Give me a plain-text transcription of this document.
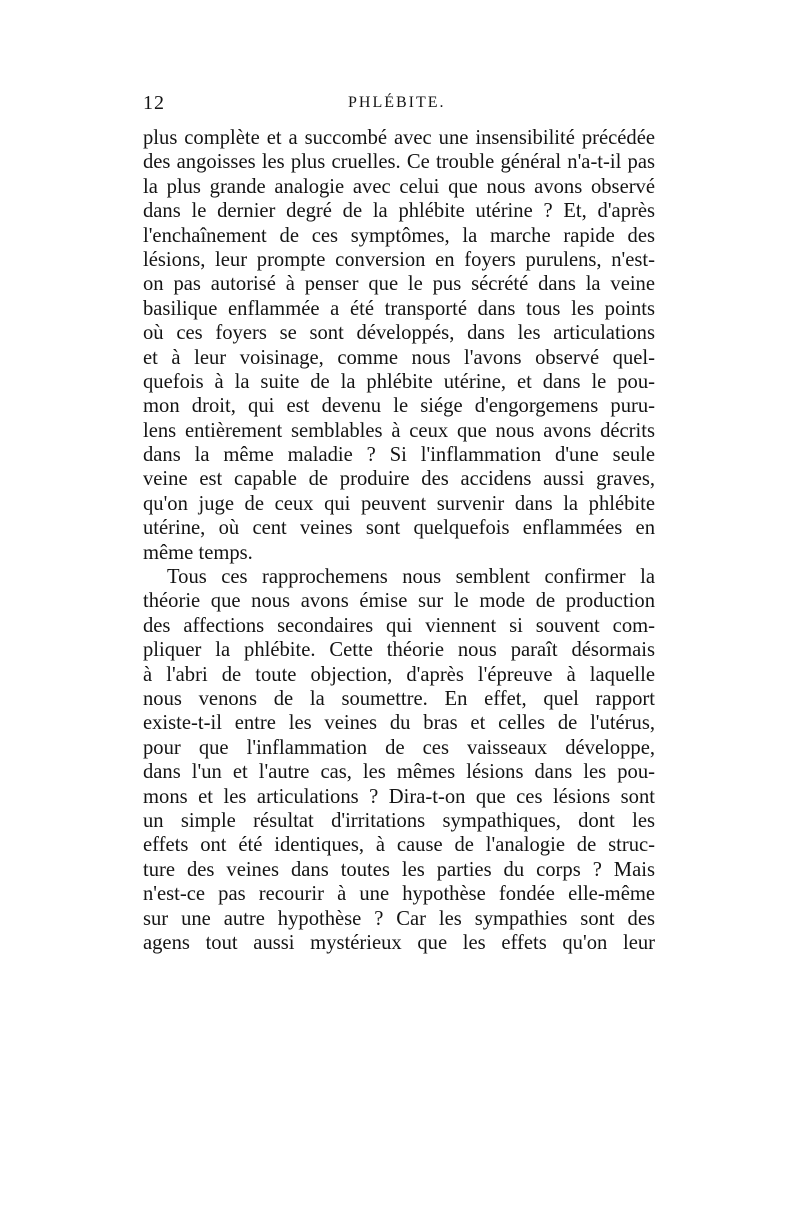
12	PHLÉBITE.
plus complète et a succombé avec une insensibilité précédée
des angoisses les plus cruelles. Ce trouble général n'a-t-il pas
la plus grande analogie avec celui que nous avons observé
dans le dernier degré de la phlébite utérine ? Et, d'après
l'enchaînement de ces symptômes, la marche rapide des
lésions, leur prompte conversion en foyers purulens, n'est-
on pas autorisé à penser que le pus sécrété dans la veine
basilique enflammée a été transporté dans tous les points
où ces foyers se sont développés, dans les articulations
et à leur voisinage, comme nous l'avons observé quel-
quefois à la suite de la phlébite utérine, et dans le pou-
mon droit, qui est devenu le siége d'engorgemens puru-
lens entièrement semblables à ceux que nous avons décrits
dans la même maladie ? Si l'inflammation d'une seule
veine est capable de produire des accidens aussi graves,
qu'on juge de ceux qui peuvent survenir dans la phlébite
utérine, où cent veines sont quelquefois enflammées en
même temps.
Tous ces rapprochemens nous semblent confirmer la
théorie que nous avons émise sur le mode de production
des affections secondaires qui viennent si souvent com-
pliquer la phlébite. Cette théorie nous paraît désormais
à l'abri de toute objection, d'après l'épreuve à laquelle
nous venons de la soumettre. En effet, quel rapport
existe-t-il entre les veines du bras et celles de l'utérus,
pour que l'inflammation de ces vaisseaux développe,
dans l'un et l'autre cas, les mêmes lésions dans les pou-
mons et les articulations ? Dira-t-on que ces lésions sont
un simple résultat d'irritations sympathiques, dont les
effets ont été identiques, à cause de l'analogie de struc-
ture des veines dans toutes les parties du corps ? Mais
n'est-ce pas recourir à une hypothèse fondée elle-même
sur une autre hypothèse ? Car les sympathies sont des
agens tout aussi mystérieux que les effets qu'on leur
